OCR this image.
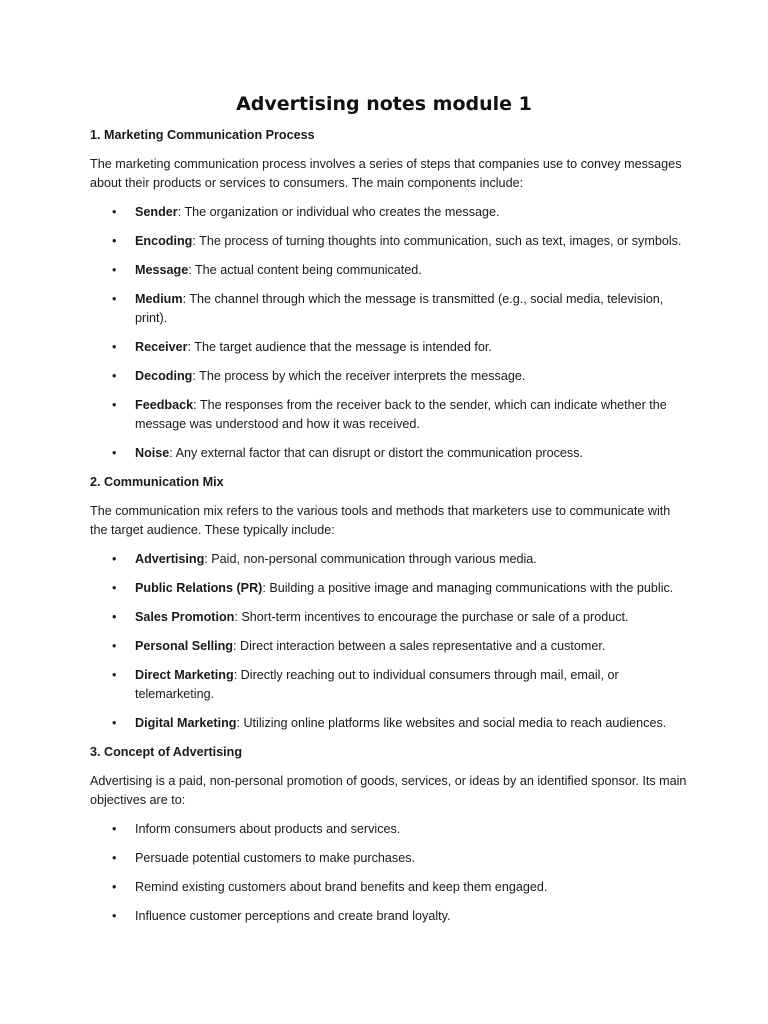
Advertising notes module 1
1. Marketing Communication Process

The marketing communication process involves a series of steps that companies use to convey messages about their products or services to consumers. The main components include:

• Sender: The organization or individual who creates the message.
• Encoding: The process of turning thoughts into communication, such as text, images, or symbols.
• Message: The actual content being communicated.
• Medium: The channel through which the message is transmitted (e.g., social media, television, print).
• Receiver: The target audience that the message is intended for.
• Decoding: The process by which the receiver interprets the message.
• Feedback: The responses from the receiver back to the sender, which can indicate whether the message was understood and how it was received.
• Noise: Any external factor that can disrupt or distort the communication process.
2. Communication Mix

The communication mix refers to the various tools and methods that marketers use to communicate with the target audience. These typically include:

• Advertising: Paid, non-personal communication through various media.
• Public Relations (PR): Building a positive image and managing communications with the public.
• Sales Promotion: Short-term incentives to encourage the purchase or sale of a product.
• Personal Selling: Direct interaction between a sales representative and a customer.
• Direct Marketing: Directly reaching out to individual consumers through mail, email, or telemarketing.
• Digital Marketing: Utilizing online platforms like websites and social media to reach audiences.
3. Concept of Advertising

Advertising is a paid, non-personal promotion of goods, services, or ideas by an identified sponsor. Its main objectives are to:

• Inform consumers about products and services.
• Persuade potential customers to make purchases.
• Remind existing customers about brand benefits and keep them engaged.
• Influence customer perceptions and create brand loyalty.
